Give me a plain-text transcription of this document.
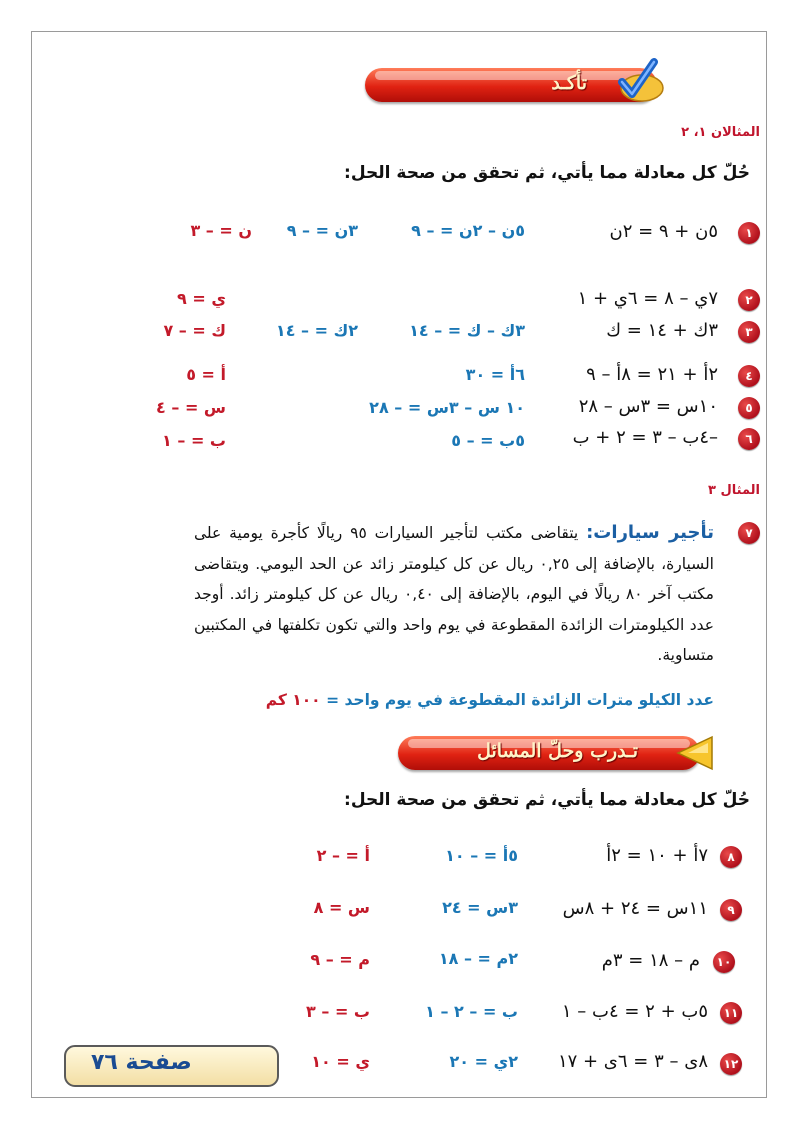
تأكـد
المثالان ١، ٢
حُلّ كل معادلة مما يأتي، ثم تحقق من صحة الحل:
١
٥ن + ٩ = ٢ن
٥ن – ٢ن = – ٩
٣ن = – ٩
ن = – ٣
٢
٧ي – ٨ = ٦ي + ١
ي = ٩
٣
٣ك + ١٤ = ك
٣ك – ك = – ١٤
٢ك = – ١٤
ك = – ٧
٤
٢أ + ٢١ = ٨أ – ٩
٦أ = ٣٠
أ = ٥
٥
١٠س = ٣س – ٢٨
١٠ س – ٣س = – ٢٨
س = – ٤
٦
–٤ب – ٣ = ٢ + ب
٥ب = – ٥
ب = – ١
المثال ٣
٧
تأجير سيارات: يتقاضى مكتب لتأجير السيارات ٩٥ ريالًا كأجرة يومية على السيارة، بالإضافة إلى ٠,٢٥ ريال عن كل كيلومتر زائد عن الحد اليومي. ويتقاضى مكتب آخر ٨٠ ريالًا في اليوم، بالإضافة إلى ٠,٤٠ ريال عن كل كيلومتر زائد. أوجد عدد الكيلومترات الزائدة المقطوعة في يوم واحد والتي تكون تكلفتها في المكتبين متساوية.
عدد الكيلو مترات الزائدة المقطوعة في يوم واحد = ١٠٠ كم
تـدرب وحلّ المسائل
حُلّ كل معادلة مما يأتي، ثم تحقق من صحة الحل:
٨
٧أ + ١٠ = ٢أ
٥أ = – ١٠
أ = – ٢
٩
١١س = ٢٤ + ٨س
٣س = ٢٤
س = ٨
١٠
م – ١٨ = ٣م
٢م = – ١٨
م = – ٩
١١
٥ب + ٢ = ٤ب – ١
ب = – ٢ – ١
ب = – ٣
١٢
٨ى – ٣ = ٦ى + ١٧
٢ي = ٢٠
ي = ١٠
صفحة ٧٦
